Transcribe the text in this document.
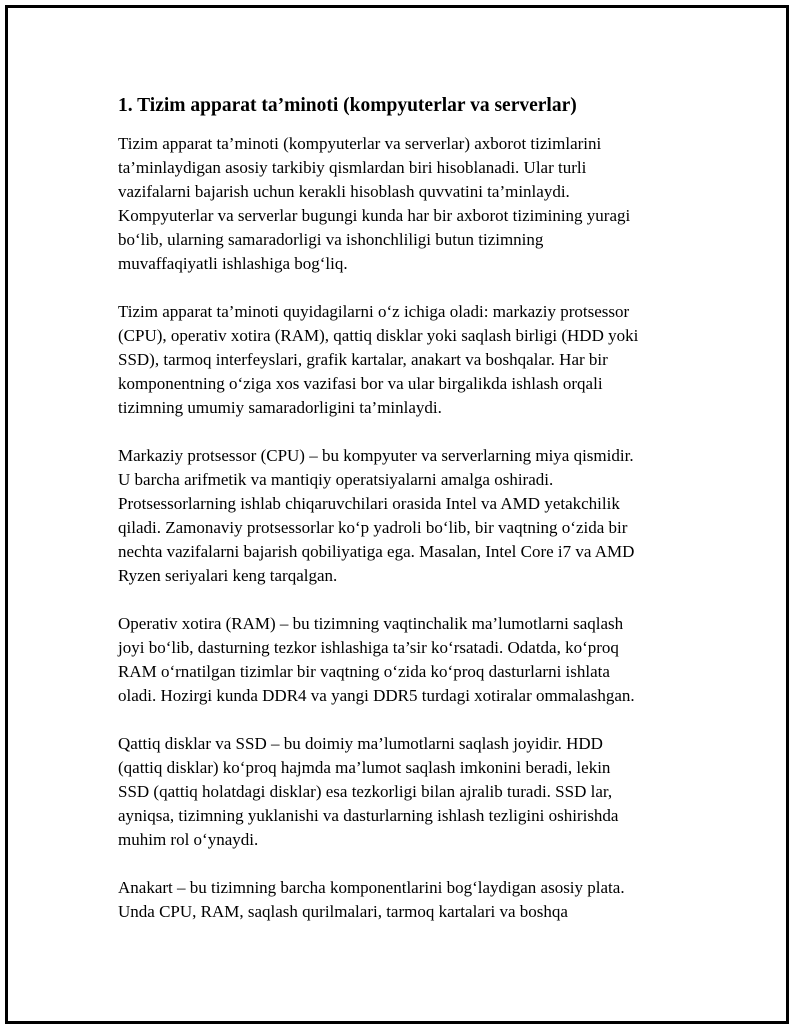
1. Tizim apparat ta’minoti (kompyuterlar va serverlar)

Tizim apparat ta’minoti (kompyuterlar va serverlar) axborot tizimlarini
ta’minlaydigan asosiy tarkibiy qismlardan biri hisoblanadi. Ular turli
vazifalarni bajarish uchun kerakli hisoblash quvvatini ta’minlaydi.
Kompyuterlar va serverlar bugungi kunda har bir axborot tizimining yuragi
bo‘lib, ularning samaradorligi va ishonchliligi butun tizimning
muvaffaqiyatli ishlashiga bog‘liq.

Tizim apparat ta’minoti quyidagilarni o‘z ichiga oladi: markaziy protsessor
(CPU), operativ xotira (RAM), qattiq disklar yoki saqlash birligi (HDD yoki
SSD), tarmoq interfeyslari, grafik kartalar, anakart va boshqalar. Har bir
komponentning o‘ziga xos vazifasi bor va ular birgalikda ishlash orqali
tizimning umumiy samaradorligini ta’minlaydi.

Markaziy protsessor (CPU) – bu kompyuter va serverlarning miya qismidir.
U barcha arifmetik va mantiqiy operatsiyalarni amalga oshiradi.
Protsessorlarning ishlab chiqaruvchilari orasida Intel va AMD yetakchilik
qiladi. Zamonaviy protsessorlar ko‘p yadroli bo‘lib, bir vaqtning o‘zida bir
nechta vazifalarni bajarish qobiliyatiga ega. Masalan, Intel Core i7 va AMD
Ryzen seriyalari keng tarqalgan.

Operativ xotira (RAM) – bu tizimning vaqtinchalik ma’lumotlarni saqlash
joyi bo‘lib, dasturning tezkor ishlashiga ta’sir ko‘rsatadi. Odatda, ko‘proq
RAM o‘rnatilgan tizimlar bir vaqtning o‘zida ko‘proq dasturlarni ishlata
oladi. Hozirgi kunda DDR4 va yangi DDR5 turdagi xotiralar ommalashgan.

Qattiq disklar va SSD – bu doimiy ma’lumotlarni saqlash joyidir. HDD
(qattiq disklar) ko‘proq hajmda ma’lumot saqlash imkonini beradi, lekin
SSD (qattiq holatdagi disklar) esa tezkorligi bilan ajralib turadi. SSD lar,
ayniqsa, tizimning yuklanishi va dasturlarning ishlash tezligini oshirishda
muhim rol o‘ynaydi.

Anakart – bu tizimning barcha komponentlarini bog‘laydigan asosiy plata.
Unda CPU, RAM, saqlash qurilmalari, tarmoq kartalari va boshqa
